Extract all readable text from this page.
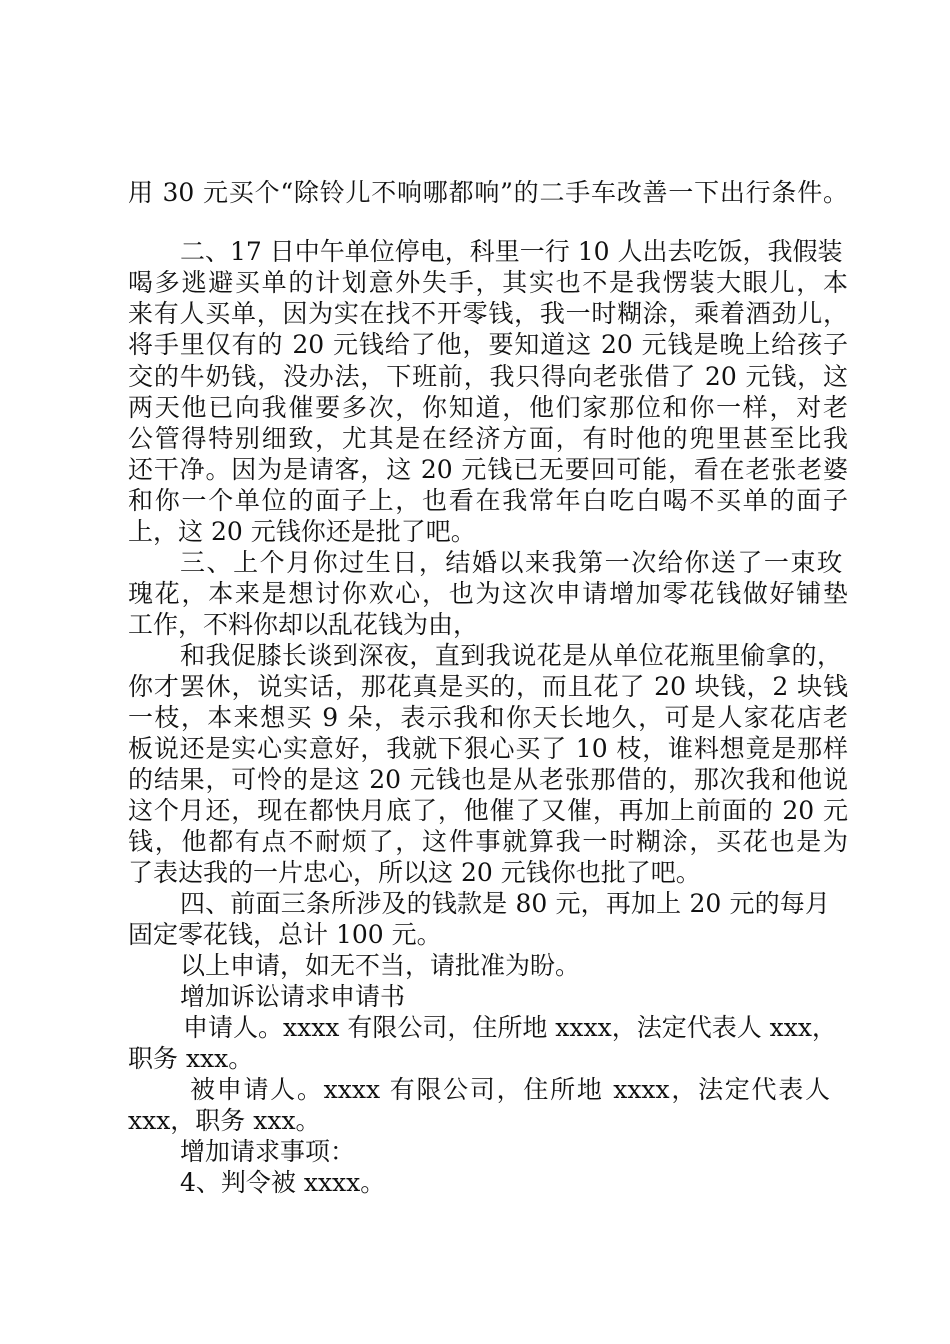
用 30 元买个“除铃儿不响哪都响”的二手车改善一下出行条件。
二、17 日中午单位停电，科里一行 10 人出去吃饭，我假装
喝多逃避买单的计划意外失手，其实也不是我愣装大眼儿，本
来有人买单，因为实在找不开零钱，我一时糊涂，乘着酒劲儿，
将手里仅有的 20 元钱给了他，要知道这 20 元钱是晚上给孩子
交的牛奶钱，没办法，下班前，我只得向老张借了 20 元钱，这
两天他已向我催要多次，你知道，他们家那位和你一样，对老
公管得特别细致，尤其是在经济方面，有时他的兜里甚至比我
还干净。因为是请客，这 20 元钱已无要回可能，看在老张老婆
和你一个单位的面子上，也看在我常年白吃白喝不买单的面子
上，这 20 元钱你还是批了吧。
三、上个月你过生日，结婚以来我第一次给你送了一束玫
瑰花，本来是想讨你欢心，也为这次申请增加零花钱做好铺垫
工作，不料你却以乱花钱为由，
和我促膝长谈到深夜，直到我说花是从单位花瓶里偷拿的，
你才罢休，说实话，那花真是买的，而且花了 20 块钱，2 块钱
一枝，本来想买 9 朵，表示我和你天长地久，可是人家花店老
板说还是实心实意好，我就下狠心买了 10 枝，谁料想竟是那样
的结果，可怜的是这 20 元钱也是从老张那借的，那次我和他说
这个月还，现在都快月底了，他催了又催，再加上前面的 20 元
钱，他都有点不耐烦了，这件事就算我一时糊涂，买花也是为
了表达我的一片忠心，所以这 20 元钱你也批了吧。
四、前面三条所涉及的钱款是 80 元，再加上 20 元的每月
固定零花钱，总计 100 元。
以上申请，如无不当，请批准为盼。
增加诉讼请求申请书
申请人。xxxx 有限公司，住所地 xxxx，法定代表人 xxx，
职务 xxx。
被申请人。xxxx 有限公司，住所地 xxxx，法定代表人
xxx，职务 xxx。
增加请求事项：
4、判令被 xxxx。
